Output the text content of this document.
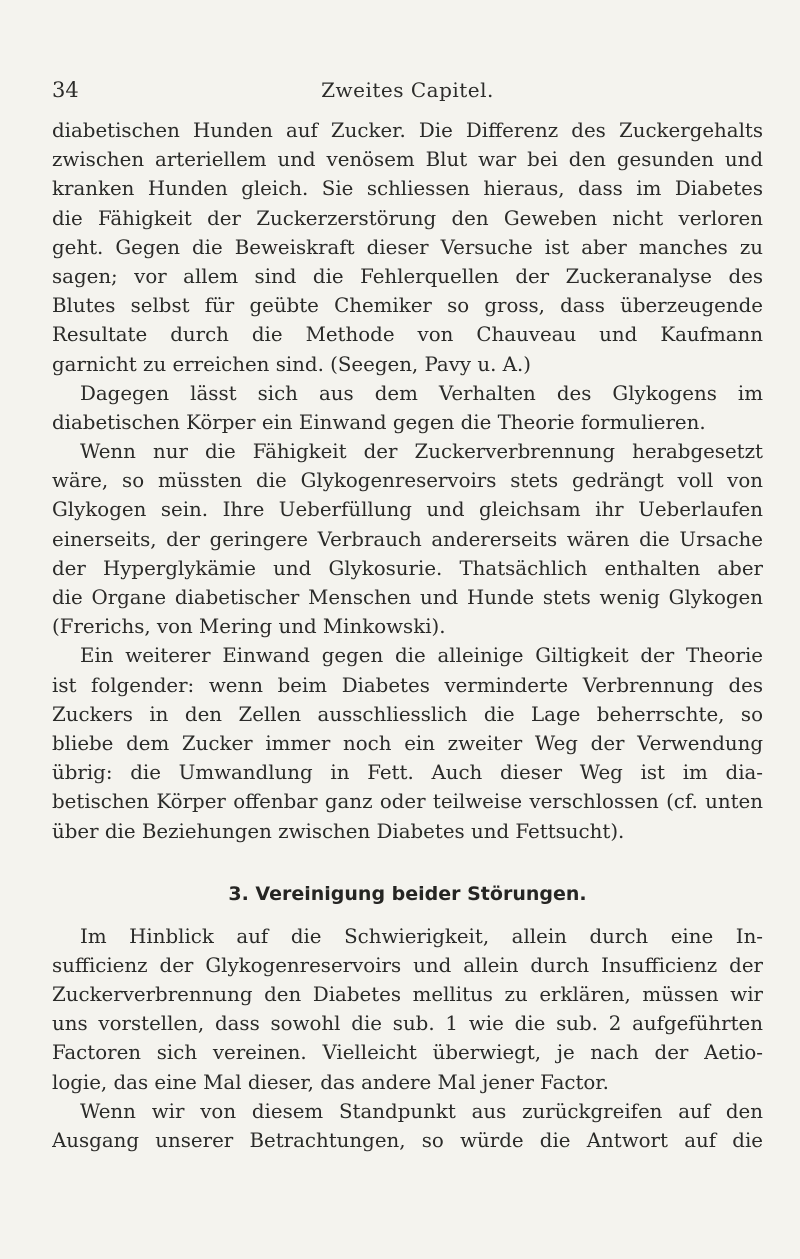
34	Zweites Capitel.
diabetischen Hunden auf Zucker. Die Differenz des Zuckergehalts
zwischen arteriellem und venösem Blut war bei den gesunden und
kranken Hunden gleich. Sie schliessen hieraus, dass im Diabetes
die Fähigkeit der Zuckerzerstörung den Geweben nicht verloren
geht. Gegen die Beweiskraft dieser Versuche ist aber manches zu
sagen; vor allem sind die Fehlerquellen der Zuckeranalyse des
Blutes selbst für geübte Chemiker so gross, dass überzeugende
Resultate durch die Methode von Chauveau und Kaufmann
garnicht zu erreichen sind. (Seegen, Pavy u. A.)
Dagegen lässt sich aus dem Verhalten des Glykogens im
diabetischen Körper ein Einwand gegen die Theorie formulieren.
Wenn nur die Fähigkeit der Zuckerverbrennung herabgesetzt
wäre, so müssten die Glykogenreservoirs stets gedrängt voll von
Glykogen sein. Ihre Ueberfüllung und gleichsam ihr Ueberlaufen
einerseits, der geringere Verbrauch andererseits wären die Ursache
der Hyperglykämie und Glykosurie. Thatsächlich enthalten aber
die Organe diabetischer Menschen und Hunde stets wenig Glykogen
(Frerichs, von Mering und Minkowski).
Ein weiterer Einwand gegen die alleinige Giltigkeit der Theorie
ist folgender: wenn beim Diabetes verminderte Verbrennung des
Zuckers in den Zellen ausschliesslich die Lage beherrschte, so
bliebe dem Zucker immer noch ein zweiter Weg der Verwendung
übrig: die Umwandlung in Fett. Auch dieser Weg ist im dia-
betischen Körper offenbar ganz oder teilweise verschlossen (cf. unten
über die Beziehungen zwischen Diabetes und Fettsucht).
3. Vereinigung beider Störungen.
Im Hinblick auf die Schwierigkeit, allein durch eine In-
sufficienz der Glykogenreservoirs und allein durch Insufficienz der
Zuckerverbrennung den Diabetes mellitus zu erklären, müssen wir
uns vorstellen, dass sowohl die sub. 1 wie die sub. 2 aufgeführten
Factoren sich vereinen. Vielleicht überwiegt, je nach der Aetio-
logie, das eine Mal dieser, das andere Mal jener Factor.
Wenn wir von diesem Standpunkt aus zurückgreifen auf den
Ausgang unserer Betrachtungen, so würde die Antwort auf die
